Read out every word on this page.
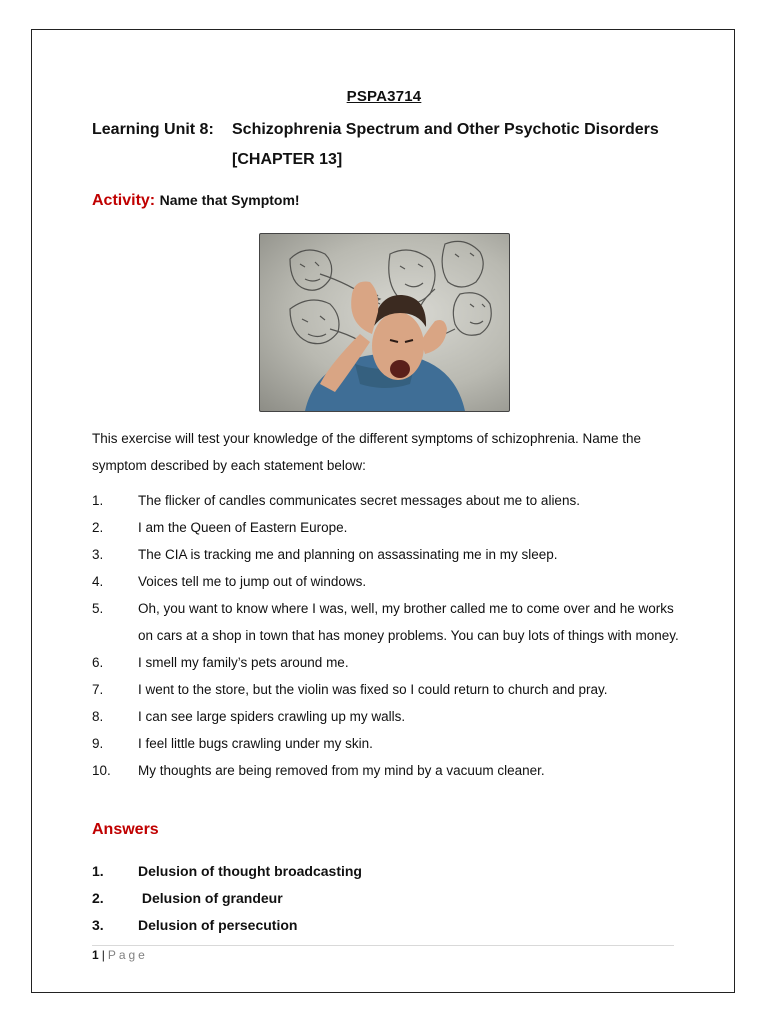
PSPA3714
Learning Unit 8: Schizophrenia Spectrum and Other Psychotic Disorders
[CHAPTER 13]
Activity: Name that Symptom!
This exercise will test your knowledge of the different symptoms of schizophrenia. Name the symptom described by each statement below:
1.	The flicker of candles communicates secret messages about me to aliens.
2.	I am the Queen of Eastern Europe.
3.	The CIA is tracking me and planning on assassinating me in my sleep.
4.	Voices tell me to jump out of windows.
5.	Oh, you want to know where I was, well, my brother called me to come over and he works on cars at a shop in town that has money problems. You can buy lots of things with money.
6.	I smell my family’s pets around me.
7.	I went to the store, but the violin was fixed so I could return to church and pray.
8.	I can see large spiders crawling up my walls.
9.	I feel little bugs crawling under my skin.
10.	My thoughts are being removed from my mind by a vacuum cleaner.
Answers
1.	Delusion of thought broadcasting
2.	Delusion of grandeur
3.	Delusion of persecution
1 | Page
